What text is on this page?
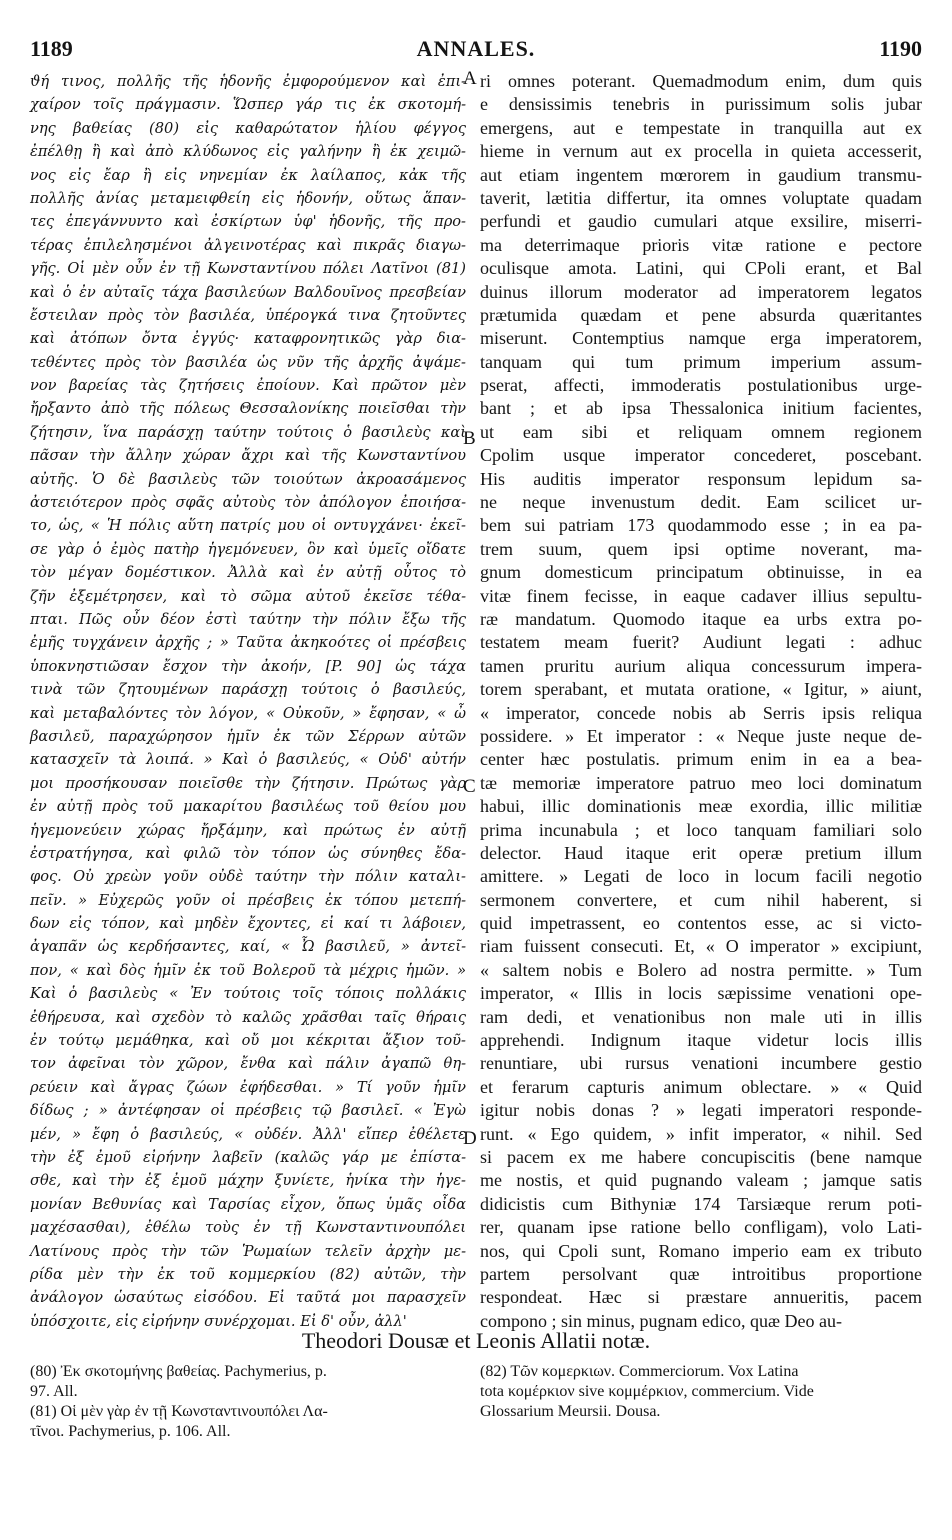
1189	ANNALES.	1190
ϑή τινος, πολλῆς τῆς ἡδονῆς ἐμφορούμενον καὶ ἐπι-
χαίρον τοῖς πράγμασιν. Ὥσπερ γάρ τις ἐκ σκοτομή-
νης βαθείας (80) εἰς καθαρώτατον ἡλίου φέγγος
ἐπέλθῃ ἢ καὶ ἀπὸ κλύδωνος εἰς γαλήνην ἢ ἐκ χειμῶ-
νος εἰς ἔαρ ἢ εἰς νηνεμίαν ἐκ λαίλαπος, κἀκ τῆς
πολλῆς ἀνίας μεταμειφθείη εἰς ἡδονήν, οὕτως ἅπαν-
τες ἐπεγάννυντο καὶ ἐσκίρτων ὑφ' ἡδονῆς, τῆς προ-
τέρας ἐπιλελησμένοι ἀλγεινοτέρας καὶ πικρᾶς διαγω-
γῆς. Οἱ μὲν οὖν ἐν τῇ Κωνσταντίνου πόλει Λατῖνοι (81)
καὶ ὁ ἐν αὐταῖς τάχα βασιλεύων Βαλδουῖνος πρεσβείαν
ἔστειλαν πρὸς τὸν βασιλέα, ὑπέρογκά τινα ζητοῦντες
καὶ ἀτόπων ὄντα ἐγγύς· καταφρονητικῶς γὰρ δια-
τεθέντες πρὸς τὸν βασιλέα ὡς νῦν τῆς ἀρχῆς ἀψάμε-
νον βαρείας τὰς ζητήσεις ἐποίουν. Καὶ πρῶτον μὲν
ἤρξαντο ἀπὸ τῆς πόλεως Θεσσαλονίκης ποιεῖσθαι τὴν
ζήτησιν, ἵνα παράσχῃ ταύτην τούτοις ὁ βασιλεὺς καὶ
πᾶσαν τὴν ἄλλην χώραν ἄχρι καὶ τῆς Κωνσταντίνου
αὐτῆς. Ὁ δὲ βασιλεὺς τῶν τοιούτων ἀκροασάμενος
ἀστειότερον πρὸς σφᾶς αὐτοὺς τὸν ἀπόλογον ἐποιήσα-
το, ὡς, « Ἡ πόλις αὕτη πατρίς μου οἱ οντυγχάνει· ἐκεῖ-
σε γὰρ ὁ ἐμὸς πατὴρ ἡγεμόνευεν, ὃν καὶ ὑμεῖς οἴδατε
τὸν μέγαν δομέστικον. Ἀλλὰ καὶ ἐν αὐτῇ οὗτος τὸ
ζῆν ἐξεμέτρησεν, καὶ τὸ σῶμα αὐτοῦ ἐκεῖσε τέθα-
πται. Πῶς οὖν δέον ἐστὶ ταύτην τὴν πόλιν ἔξω τῆς
ἐμῆς τυγχάνειν ἀρχῆς ; » Ταῦτα ἀκηκοότες οἱ πρέσβεις
ὑποκνηστιῶσαν ἔσχον τὴν ἀκοήν, [P. 90] ὡς τάχα
τινὰ τῶν ζητουμένων παράσχῃ τούτοις ὁ βασιλεύς,
καὶ μεταβαλόντες τὸν λόγον, « Οὐκοῦν, » ἔφησαν, « ὦ
βασιλεῦ, παραχώρησον ἡμῖν ἐκ τῶν Σέρρων αὐτῶν
κατασχεῖν τὰ λοιπά. » Καὶ ὁ βασιλεύς, « Οὐδ' αὐτήν
μοι προσήκουσαν ποιεῖσθε τὴν ζήτησιν. Πρώτως γὰρ
ἐν αὐτῇ πρὸς τοῦ μακαρίτου βασιλέως τοῦ θείου μου
ἡγεμονεύειν χώρας ἤρξάμην, καὶ πρώτως ἐν αὐτῇ
ἐστρατήγησα, καὶ φιλῶ τὸν τόπον ὡς σύνηθες ἔδα-
φος. Οὐ χρεὼν γοῦν οὐδὲ ταύτην τὴν πόλιν καταλι-
πεῖν. » Εὐχερῶς γοῦν οἱ πρέσβεις ἐκ τόπου μετεπή-
δων εἰς τόπον, καὶ μηδὲν ἔχοντες, εἰ καί τι λάβοιεν,
ἀγαπᾶν ὡς κερδήσαντες, καί, « Ὦ βασιλεῦ, » ἀντεῖ-
πον, « καὶ δὸς ἡμῖν ἐκ τοῦ Βολεροῦ τὰ μέχρις ἡμῶν. »
Καὶ ὁ βασιλεὺς « Ἐν τούτοις τοῖς τόποις πολλάκις
ἐθήρευσα, καὶ σχεδὸν τὸ καλῶς χρᾶσθαι ταῖς θήραις
ἐν τούτῳ μεμάθηκα, καὶ οὔ μοι κέκριται ἄξιον τοῦ-
τον ἀφεῖναι τὸν χῶρον, ἔνθα καὶ πάλιν ἀγαπῶ θη-
ρεύειν καὶ ἄγρας ζώων ἐφήδεσθαι. » Τί γοῦν ἡμῖν
δίδως ; » ἀντέφησαν οἱ πρέσβεις τῷ βασιλεῖ. « Ἐγὼ
μέν, » ἔφη ὁ βασιλεύς, « οὐδέν. Ἀλλ' εἴπερ ἐθέλετε
τὴν ἐξ ἐμοῦ εἰρήνην λαβεῖν (καλῶς γάρ με ἐπίστα-
σθε, καὶ τὴν ἐξ ἐμοῦ μάχην ξυνίετε, ἡνίκα τὴν ἡγε-
μονίαν Βεθυνίας καὶ Ταρσίας εἶχον, ὅπως ὑμᾶς οἶδα
μαχέσασθαι), ἐθέλω τοὺς ἐν τῇ Κωνσταντινουπόλει
Λατίνους πρὸς τὴν τῶν Ῥωμαίων τελεῖν ἀρχὴν με-
ρίδα μὲν τὴν ἐκ τοῦ κομμερκίου (82) αὐτῶν, τὴν
ἀνάλογον ὡσαύτως εἰσόδου. Εἰ ταῦτά μοι παρασχεῖν
ὑπόσχοιτε, εἰς εἰρήνην συνέρχομαι. Εἰ δ' οὖν, ἀλλ'
ri omnes poterant. Quemadmodum enim, dum quis
e densissimis tenebris in purissimum solis jubar
emergens, aut e tempestate in tranquilla aut ex
hieme in vernum aut ex procella in quieta accesserit,
aut etiam ingentem mœrorem in gaudium transmu-
taverit, lætitia differtur, ita omnes voluptate quadam
perfundi et gaudio cumulari atque exsilire, miserri-
ma deterrimaque prioris vitæ ratione e pectore
oculisque amota. Latini, qui CPoli erant, et Bal
duinus illorum moderator ad imperatorem legatos
prætumida quædam et pene absurda quæritantes
miserunt. Contemptius namque erga imperatorem,
tanquam qui tum primum imperium assum-
pserat, affecti, immoderatis postulationibus urge-
bant ; et ab ipsa Thessalonica initium facientes,
ut eam sibi et reliquam omnem regionem
Cpolim usque imperator concederet, poscebant.
His auditis imperator responsum lepidum sa-
ne neque invenustum dedit. Eam scilicet ur-
bem sui patriam 173 quodammodo esse ; in ea pa-
trem suum, quem ipsi optime noverant, ma-
gnum domesticum principatum obtinuisse, in ea
vitæ finem fecisse, in eaque cadaver illius sepultu-
ræ mandatum. Quomodo itaque ea urbs extra po-
testatem meam fuerit? Audiunt legati : adhuc
tamen pruritu aurium aliqua concessurum impera-
torem sperabant, et mutata oratione, « Igitur, » aiunt,
« imperator, concede nobis ab Serris ipsis reliqua
possidere. » Et imperator : « Neque juste neque de-
center hæc postulatis. primum enim in ea a bea-
tæ memoriæ imperatore patruo meo loci dominatum
habui, illic dominationis meæ exordia, illic militiæ
prima incunabula ; et loco tanquam familiari solo
delector. Haud itaque erit operæ pretium illum
amittere. » Legati de loco in locum facili negotio
sermonem convertere, et cum nihil haberent, si
quid impetrassent, eo contentos esse, ac si victo-
riam fuissent consecuti. Et, « O imperator » excipiunt,
« saltem nobis e Bolero ad nostra permitte. » Tum
imperator, « Illis in locis sæpissime venationi ope-
ram dedi, et venationibus non male uti in illis
apprehendi. Indignum itaque videtur locis illis
renuntiare, ubi rursus venationi incumbere gestio
et ferarum capturis animum oblectare. » « Quid
igitur nobis donas ? » legati imperatori responde-
runt. « Ego quidem, » infit imperator, « nihil. Sed
si pacem ex me habere concupiscitis (bene namque
me nostis, et quid pugnando valeam ; jamque satis
didicistis cum Bithyniæ 174 Tarsiæque rerum poti-
rer, quanam ipse ratione bello confligam), volo Lati-
nos, qui Cpoli sunt, Romano imperio eam ex tributo
partem persolvant quæ introitibus proportione
respondeat. Hæc si præstare annueritis, pacem
compono ; sin minus, pugnam edico, quæ Deo au-
A
B
C
D
Theodori Dousæ et Leonis Allatii notæ.
(80) Ἐκ σκοτομήνης βαθείας. Pachymerius, p.
97. All.
(81) Οἱ μὲν γὰρ ἐν τῇ Κωνσταντινουπόλει Λα-
τῖνοι. Pachymerius, p. 106. All.
(82) Τῶν κομερκιων. Commerciorum. Vox Latina
tota κομέρκιον sive κομμέρκιον, commercium. Vide
Glossarium Meursii. Dousa.
